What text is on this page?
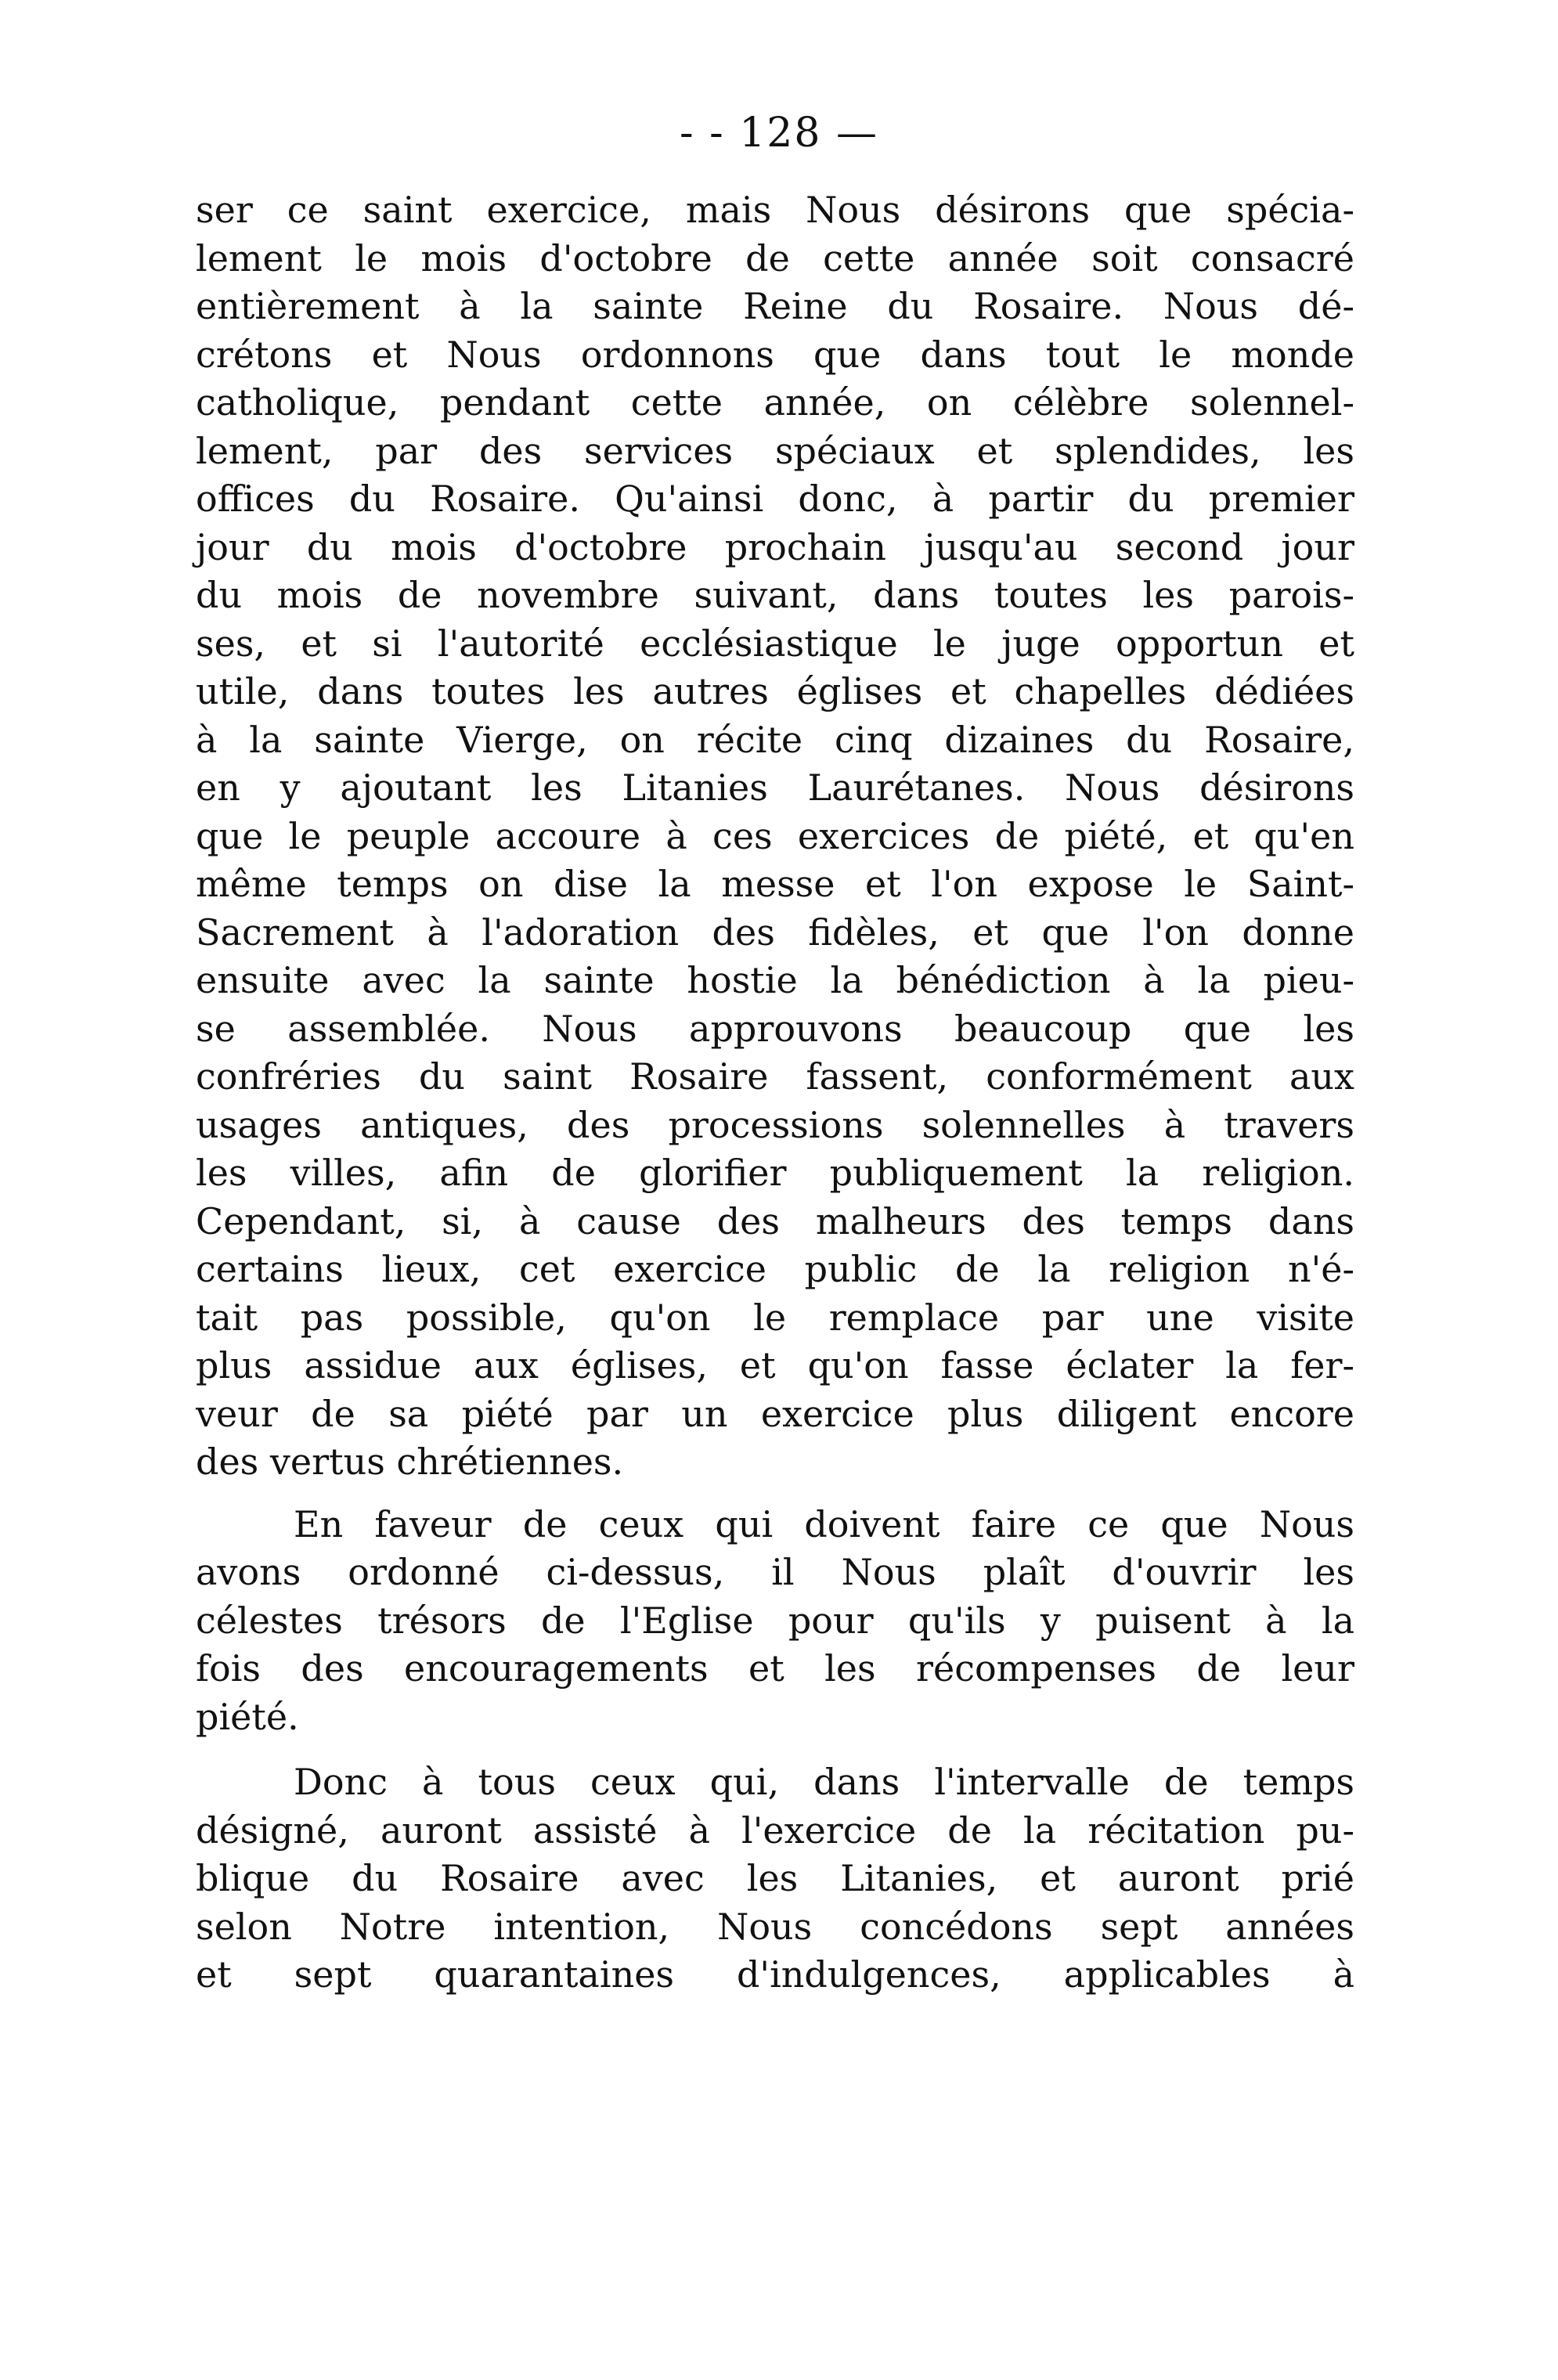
- - 128 —

ser ce saint exercice, mais Nous désirons que spécia-
lement le mois d'octobre de cette année soit consacré
entièrement à la sainte Reine du Rosaire. Nous dé-
crétons et Nous ordonnons que dans tout le monde
catholique, pendant cette année, on célèbre solennel-
lement, par des services spéciaux et splendides, les
offices du Rosaire. Qu'ainsi donc, à partir du premier
jour du mois d'octobre prochain jusqu'au second jour
du mois de novembre suivant, dans toutes les parois-
ses, et si l'autorité ecclésiastique le juge opportun et
utile, dans toutes les autres églises et chapelles dédiées
à la sainte Vierge, on récite cinq dizaines du Rosaire,
en y ajoutant les Litanies Laurétanes. Nous désirons
que le peuple accoure à ces exercices de piété, et qu'en
même temps on dise la messe et l'on expose le Saint-
Sacrement à l'adoration des fidèles, et que l'on donne
ensuite avec la sainte hostie la bénédiction à la pieu-
se assemblée. Nous approuvons beaucoup que les
confréries du saint Rosaire fassent, conformément aux
usages antiques, des processions solennelles à travers
les villes, afin de glorifier publiquement la religion.
Cependant, si, à cause des malheurs des temps dans
certains lieux, cet exercice public de la religion n'é-
tait pas possible, qu'on le remplace par une visite
plus assidue aux églises, et qu'on fasse éclater la fer-
veur de sa piété par un exercice plus diligent encore
des vertus chrétiennes.

En faveur de ceux qui doivent faire ce que Nous
avons ordonné ci-dessus, il Nous plaît d'ouvrir les
célestes trésors de l'Eglise pour qu'ils y puisent à la
fois des encouragements et les récompenses de leur
piété.

Donc à tous ceux qui, dans l'intervalle de temps
désigné, auront assisté à l'exercice de la récitation pu-
blique du Rosaire avec les Litanies, et auront prié
selon Notre intention, Nous concédons sept années
et sept quarantaines d'indulgences, applicables à
